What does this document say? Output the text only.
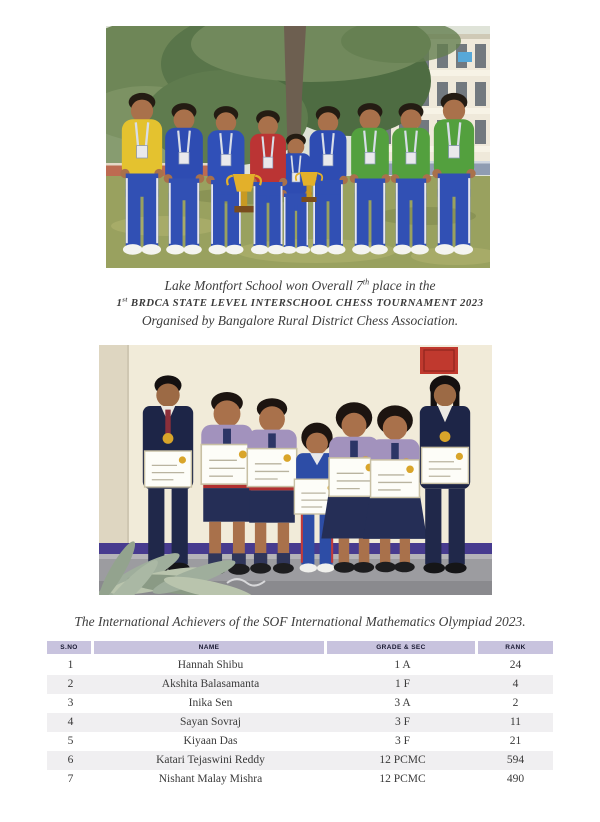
Lake Montfort School won Overall 7th place in the
1st BRDCA STATE LEVEL INTERSCHOOL CHESS TOURNAMENT 2023
Organised by Bangalore Rural District Chess Association.
The International Achievers of the SOF International Mathematics Olympiad 2023.
S.NO	NAME	GRADE & SEC	RANK
1	Hannah Shibu	1 A	24
2	Akshita Balasamanta	1 F	4
3	Inika Sen	3 A	2
4	Sayan Sovraj	3 F	11
5	Kiyaan Das	3 F	21
6	Katari Tejaswini Reddy	12 PCMC	594
7	Nishant Malay Mishra	12 PCMC	490
